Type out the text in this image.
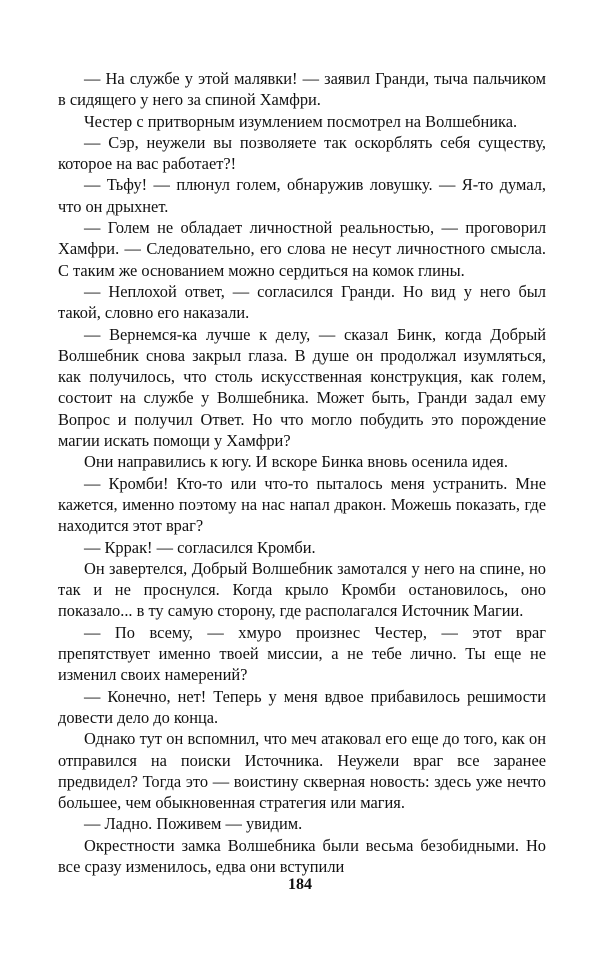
— На службе у этой малявки! — заявил Гранди, тыча пальчиком в сидящего у него за спиной Хамфри.

Честер с притворным изумлением посмотрел на Волшебника.

— Сэр, неужели вы позволяете так оскорблять себя существу, которое на вас работает?!

— Тьфу! — плюнул голем, обнаружив ловушку. — Я-то думал, что он дрыхнет.

— Голем не обладает личностной реальностью, — проговорил Хамфри. — Следовательно, его слова не несут личностного смысла. С таким же основанием можно сердиться на комок глины.

— Неплохой ответ, — согласился Гранди. Но вид у него был такой, словно его наказали.

— Вернемся-ка лучше к делу, — сказал Бинк, когда Добрый Волшебник снова закрыл глаза. В душе он продолжал изумляться, как получилось, что столь искусственная конструкция, как голем, состоит на службе у Волшебника. Может быть, Гранди задал ему Вопрос и получил Ответ. Но что могло побудить это порождение магии искать помощи у Хамфри?

Они направились к югу. И вскоре Бинка вновь осенила идея.

— Кромби! Кто-то или что-то пыталось меня устранить. Мне кажется, именно поэтому на нас напал дракон. Можешь показать, где находится этот враг?

— Кррак! — согласился Кромби.

Он завертелся, Добрый Волшебник замотался у него на спине, но так и не проснулся. Когда крыло Кромби остановилось, оно показало... в ту самую сторону, где располагался Источник Магии.

— По всему, — хмуро произнес Честер, — этот враг препятствует именно твоей миссии, а не тебе лично. Ты еще не изменил своих намерений?

— Конечно, нет! Теперь у меня вдвое прибавилось решимости довести дело до конца.

Однако тут он вспомнил, что меч атаковал его еще до того, как он отправился на поиски Источника. Неужели враг все заранее предвидел? Тогда это — воистину скверная новость: здесь уже нечто большее, чем обыкновенная стратегия или магия.

— Ладно. Поживем — увидим.

Окрестности замка Волшебника были весьма безобидными. Но все сразу изменилось, едва они вступили

184
